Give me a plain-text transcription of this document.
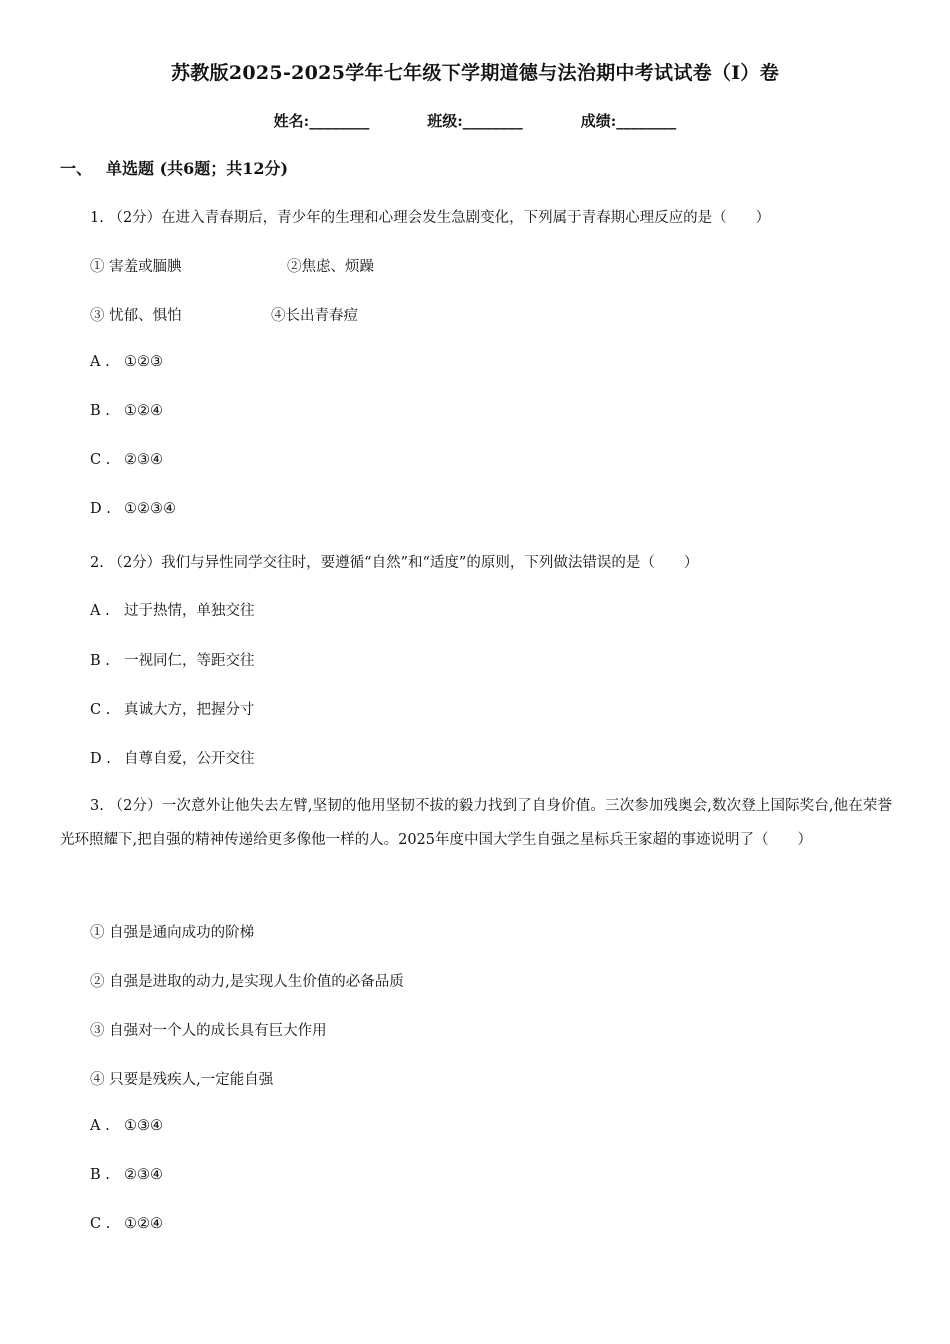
苏教版2025-2025学年七年级下学期道德与法治期中考试试卷（I）卷
姓名:________	班级:________	成绩:________
一、 单选题 (共6题；共12分)
1. （2分）在进入青春期后，青少年的生理和心理会发生急剧变化，下列属于青春期心理反应的是（　　）
① 害羞或腼腆	②焦虑、烦躁
③ 忧郁、惧怕	④长出青春痘
A . ①②③
B . ①②④
C . ②③④
D . ①②③④
2. （2分）我们与异性同学交往时，要遵循“自然”和“适度”的原则，下列做法错误的是（　　）
A . 过于热情，单独交往
B . 一视同仁，等距交往
C . 真诚大方，把握分寸
D . 自尊自爱，公开交往
3. （2分）一次意外让他失去左臂,坚韧的他用坚韧不拔的毅力找到了自身价值。三次参加残奥会,数次登上国际奖台,他在荣誉光环照耀下,把自强的精神传递给更多像他一样的人。2025年度中国大学生自强之星标兵王家超的事迹说明了（　　）
① 自强是通向成功的阶梯
② 自强是进取的动力,是实现人生价值的必备品质
③ 自强对一个人的成长具有巨大作用
④ 只要是残疾人,一定能自强
A . ①③④
B . ②③④
C . ①②④
